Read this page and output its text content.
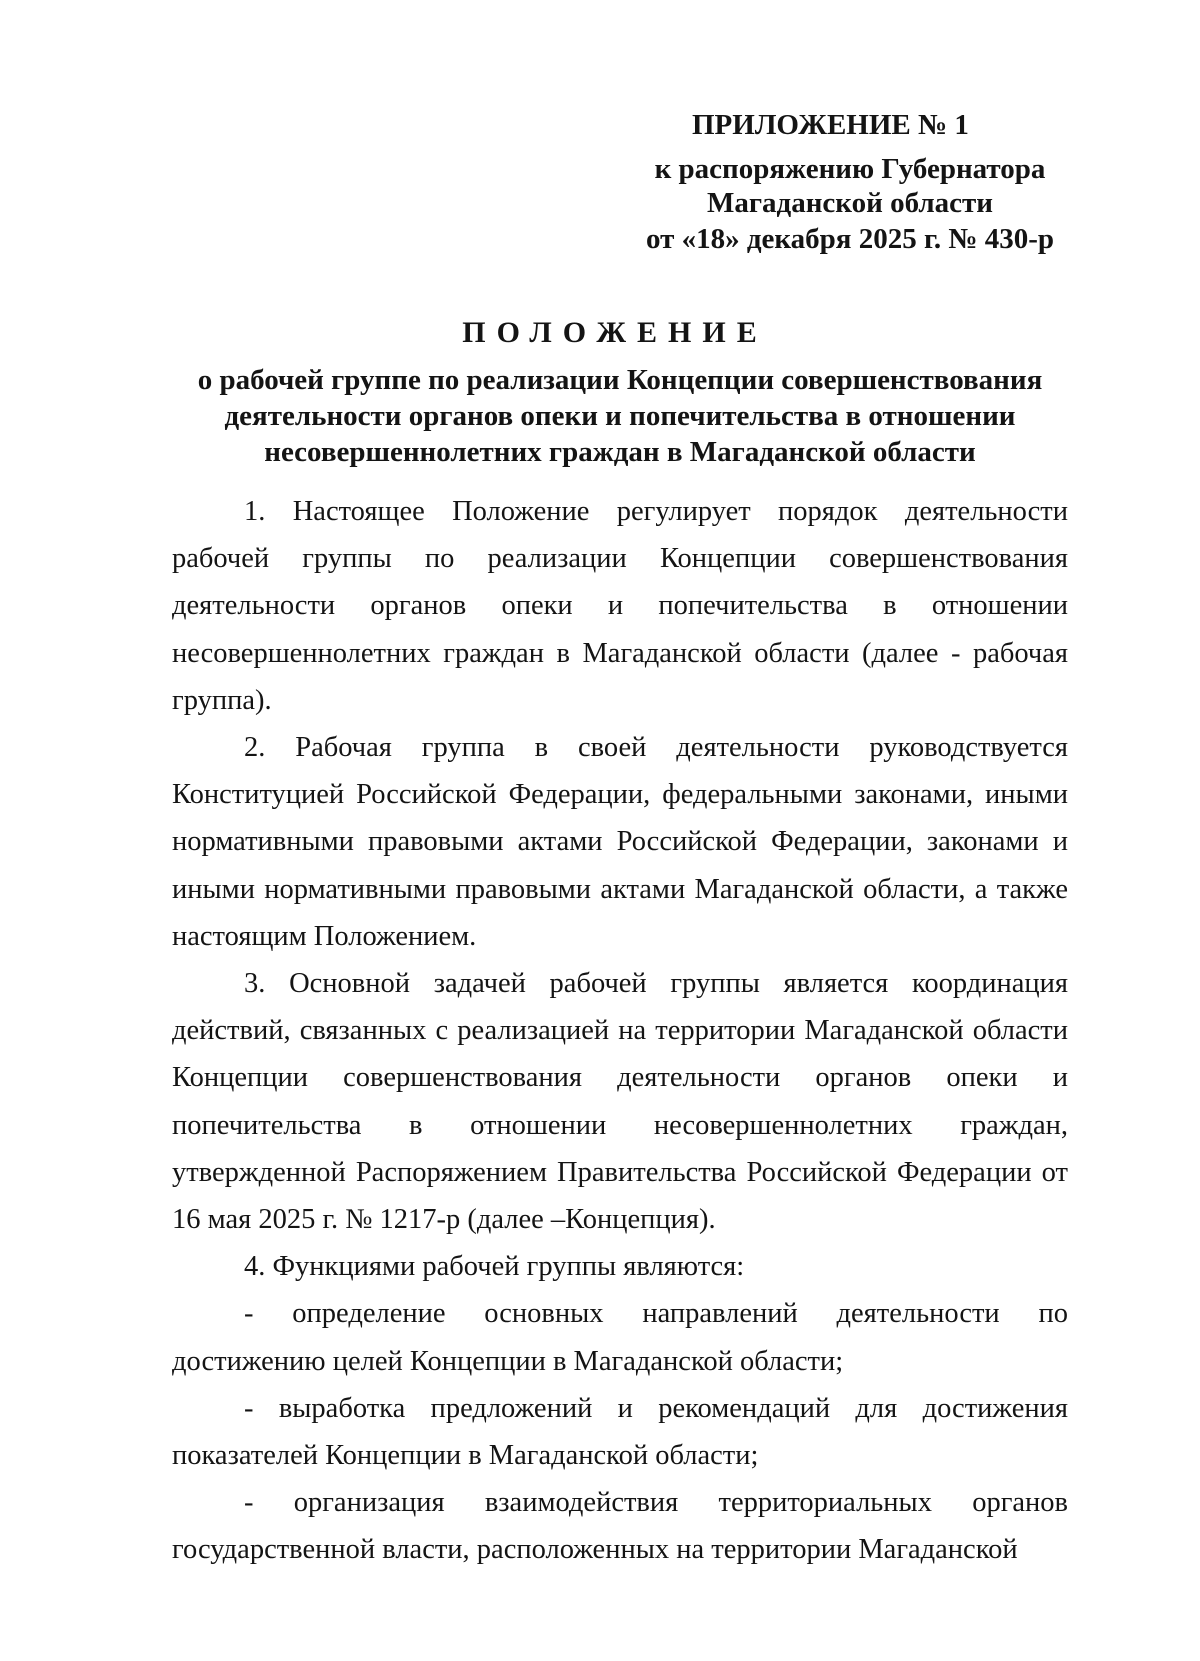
ПРИЛОЖЕНИЕ № 1
к распоряжению Губернатора
Магаданской области
от «18» декабря 2025 г. № 430-р
ПОЛОЖЕНИЕ
о рабочей группе по реализации Концепции совершенствования
деятельности органов опеки и попечительства в отношении
несовершеннолетних граждан в Магаданской области

1. Настоящее Положение регулирует порядок деятельности рабочей группы по реализации Концепции совершенствования деятельности органов опеки и попечительства в отношении несовершеннолетних граждан в Магаданской области (далее - рабочая группа).

2. Рабочая группа в своей деятельности руководствуется Конституцией Российской Федерации, федеральными законами, иными нормативными правовыми актами Российской Федерации, законами и иными нормативными правовыми актами Магаданской области, а также настоящим Положением.

3. Основной задачей рабочей группы является координация действий, связанных с реализацией на территории Магаданской области Концепции совершенствования деятельности органов опеки и попечительства в отношении несовершеннолетних граждан, утвержденной Распоряжением Правительства Российской Федерации от 16 мая 2025 г. № 1217-р (далее –Концепция).

4. Функциями рабочей группы являются:

- определение основных направлений деятельности по достижению целей Концепции в Магаданской области;

- выработка предложений и рекомендаций для достижения показателей Концепции в Магаданской области;

- организация взаимодействия территориальных органов государственной власти, расположенных на территории Магаданской
